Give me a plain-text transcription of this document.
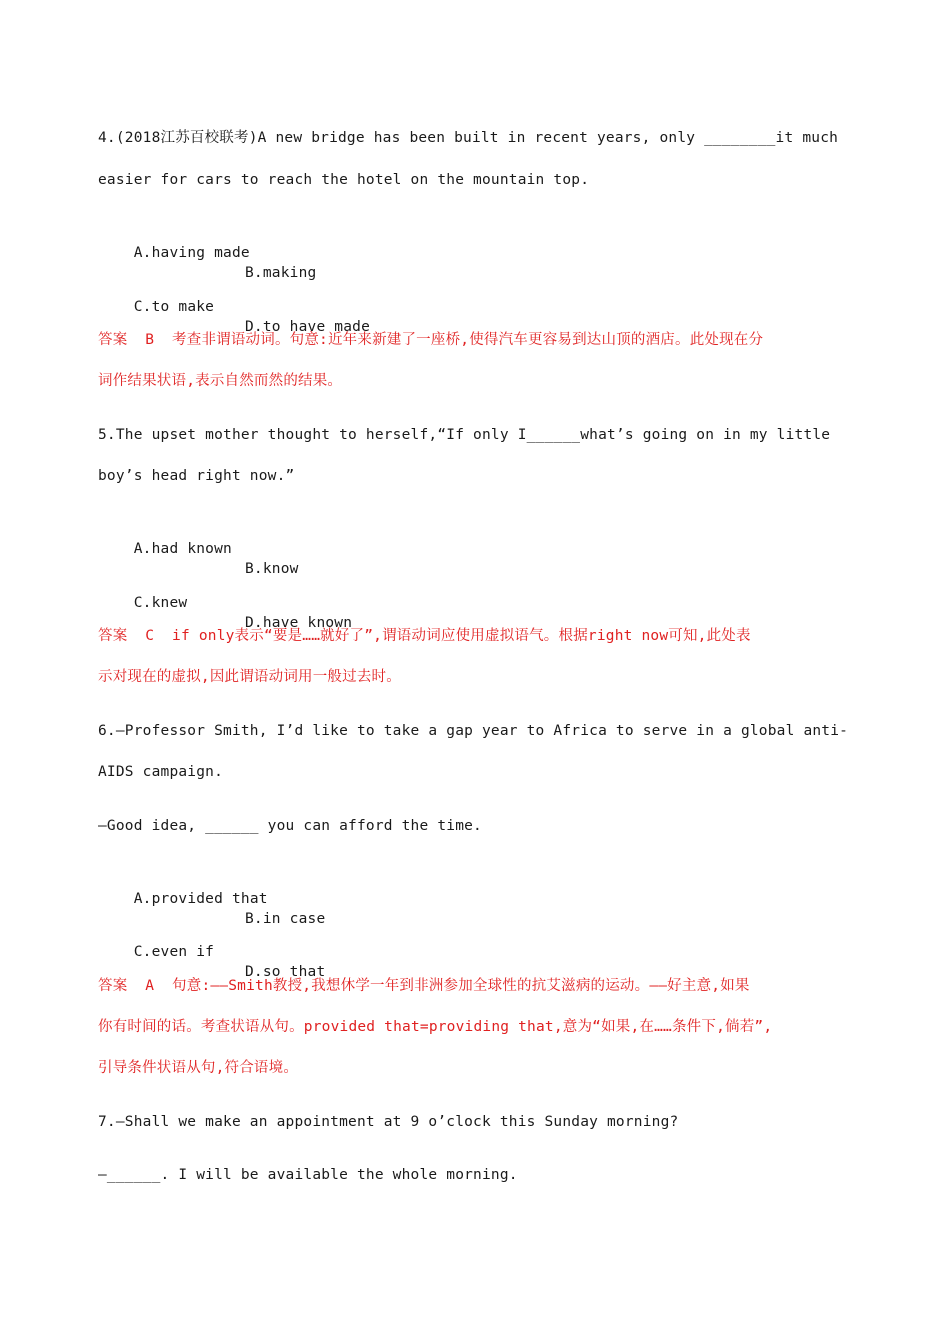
4.(2018江苏百校联考)A new bridge has been built in recent years, only ________it much
easier for cars to reach the hotel on the mountain top.

A.having made

B.making

C.to make

D.to have made

答案  B  考查非谓语动词。句意:近年来新建了一座桥,使得汽车更容易到达山顶的酒店。此处现在分
词作结果状语,表示自然而然的结果。
5.The upset mother thought to herself,“If only I______what’s going on in my little
boy’s head right now.”

A.had known

B.know

C.knew

D.have known

答案  C  if only表示“要是……就好了”,谓语动词应使用虚拟语气。根据right now可知,此处表
示对现在的虚拟,因此谓语动词用一般过去时。
6.—Professor Smith, I’d like to take a gap year to Africa to serve in a global anti-
AIDS campaign.
—Good idea, ______ you can afford the time.

A.provided that

B.in case

C.even if

D.so that

答案  A  句意:——Smith教授,我想休学一年到非洲参加全球性的抗艾滋病的运动。——好主意,如果
你有时间的话。考查状语从句。provided that=providing that,意为“如果,在……条件下,倘若”,
引导条件状语从句,符合语境。
7.—Shall we make an appointment at 9 o’clock this Sunday morning?
—______. I will be available the whole morning.
